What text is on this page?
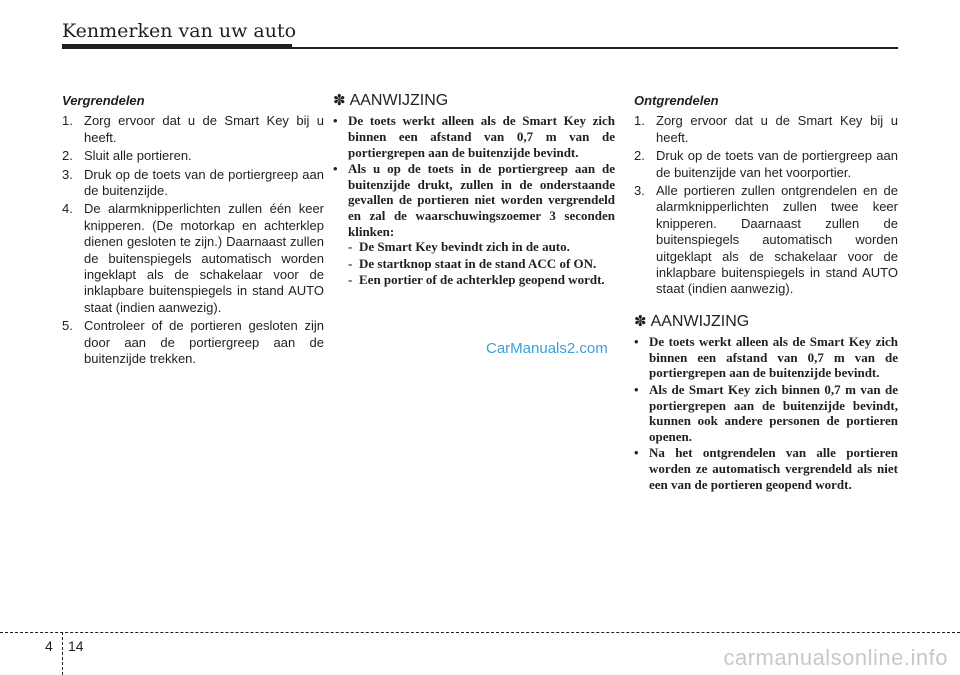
Kenmerken van uw auto
Vergrendelen
1. Zorg ervoor dat u de Smart Key bij u heeft.
2. Sluit alle portieren.
3. Druk op de toets van de portiergreep aan de buitenzijde.
4. De alarmknipperlichten zullen één keer knipperen. (De motorkap en achterklep dienen gesloten te zijn.) Daarnaast zullen de buitenspiegels automatisch worden ingeklapt als de schakelaar voor de inklapbare buitenspiegels in stand AUTO staat (indien aanwezig).
5. Controleer of de portieren gesloten zijn door aan de portiergreep aan de buitenzijde trekken.
✽ AANWIJZING
• De toets werkt alleen als de Smart Key zich binnen een afstand van 0,7 m van de portiergrepen aan de buitenzijde bevindt.
• Als u op de toets in de portiergreep aan de buitenzijde drukt, zullen in de onderstaande gevallen de portieren niet worden vergrendeld en zal de waarschuwingszoemer 3 seconden klinken:
- De Smart Key bevindt zich in de auto.
- De startknop staat in de stand ACC of ON.
- Een portier of de achterklep geopend wordt.
CarManuals2.com
Ontgrendelen
1. Zorg ervoor dat u de Smart Key bij u heeft.
2. Druk op de toets van de portiergreep aan de buitenzijde van het voorportier.
3. Alle portieren zullen ontgrendelen en de alarmknipperlichten zullen twee keer knipperen. Daarnaast zullen de buitenspiegels automatisch worden uitgeklapt als de schakelaar voor de inklapbare buitenspiegels in stand AUTO staat (indien aanwezig).
✽ AANWIJZING
• De toets werkt alleen als de Smart Key zich binnen een afstand van 0,7 m van de portiergrepen aan de buitenzijde bevindt.
• Als de Smart Key zich binnen 0,7 m van de portiergrepen aan de buitenzijde bevindt, kunnen ook andere personen de portieren openen.
• Na het ontgrendelen van alle portieren worden ze automatisch vergrendeld als niet een van de portieren geopend wordt.
4 14	carmanualsonline.info
